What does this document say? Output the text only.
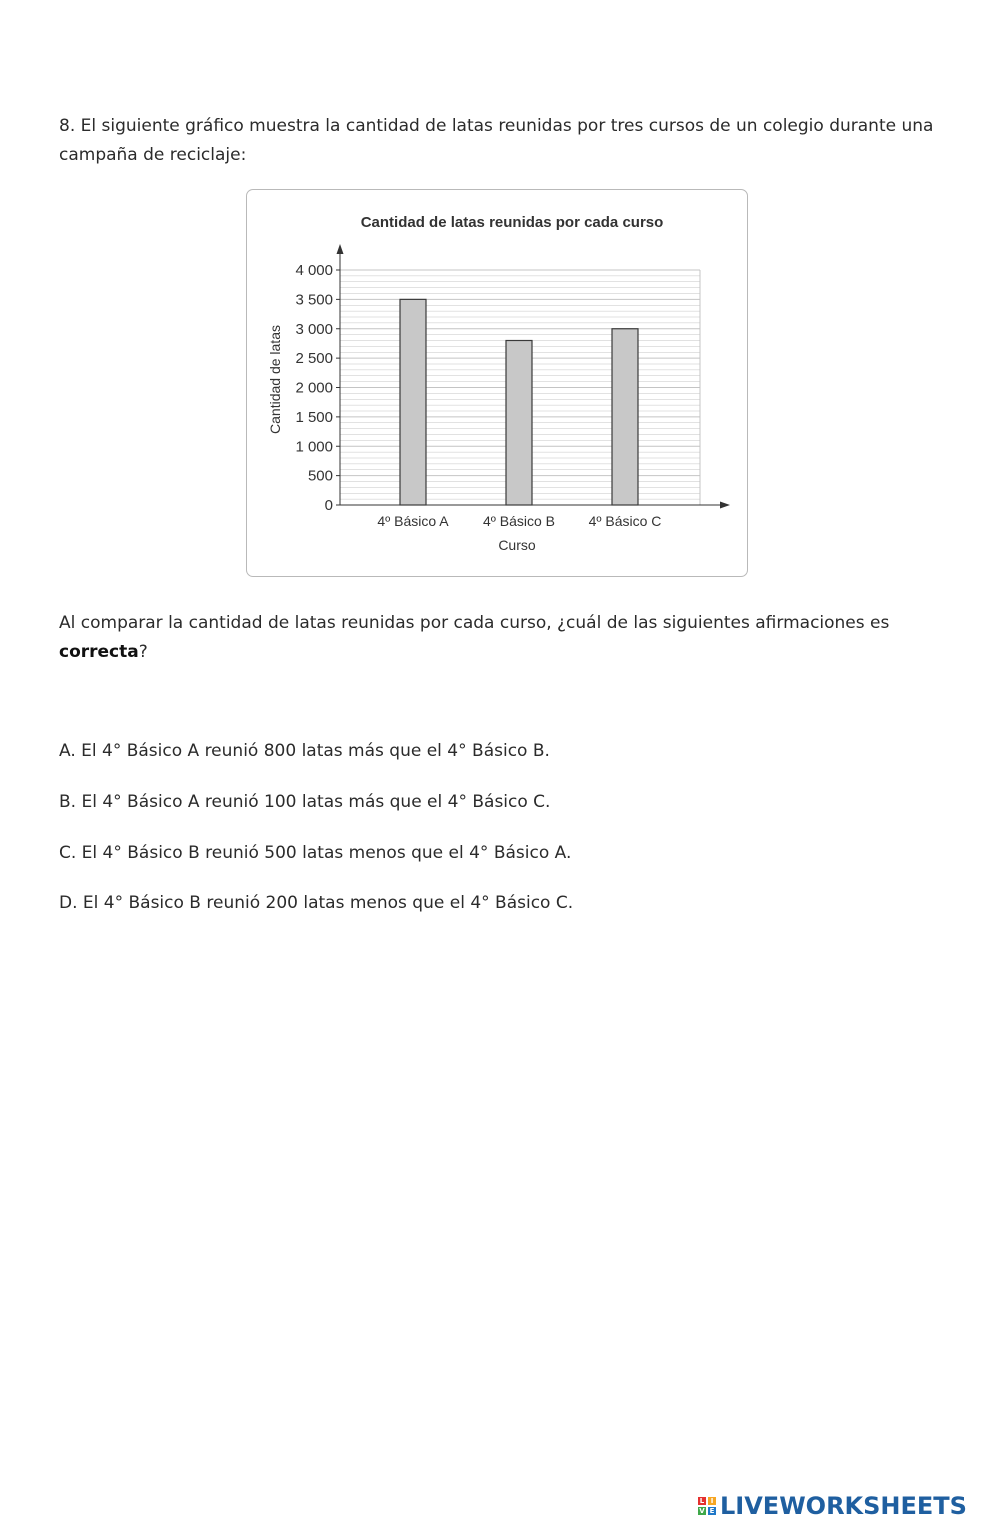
8. El siguiente gráfico muestra la cantidad de latas reunidas por tres cursos de un colegio durante una campaña de reciclaje:

Cantidad de latas reunidas por cada curso
0
500
1 000
1 500
2 000
2 500
3 000
3 500
4 000
Cantidad de latas
4º Básico A 4º Básico B 4º Básico C
Curso

Al comparar la cantidad de latas reunidas por cada curso, ¿cuál de las siguientes afirmaciones es correcta?

A. El 4° Básico A reunió 800 latas más que el 4° Básico B.

B. El 4° Básico A reunió 100 latas más que el 4° Básico C.

C. El 4° Básico B reunió 500 latas menos que el 4° Básico A.

D. El 4° Básico B reunió 200 latas menos que el 4° Básico C.

L I
V E LIVEWORKSHEETS
